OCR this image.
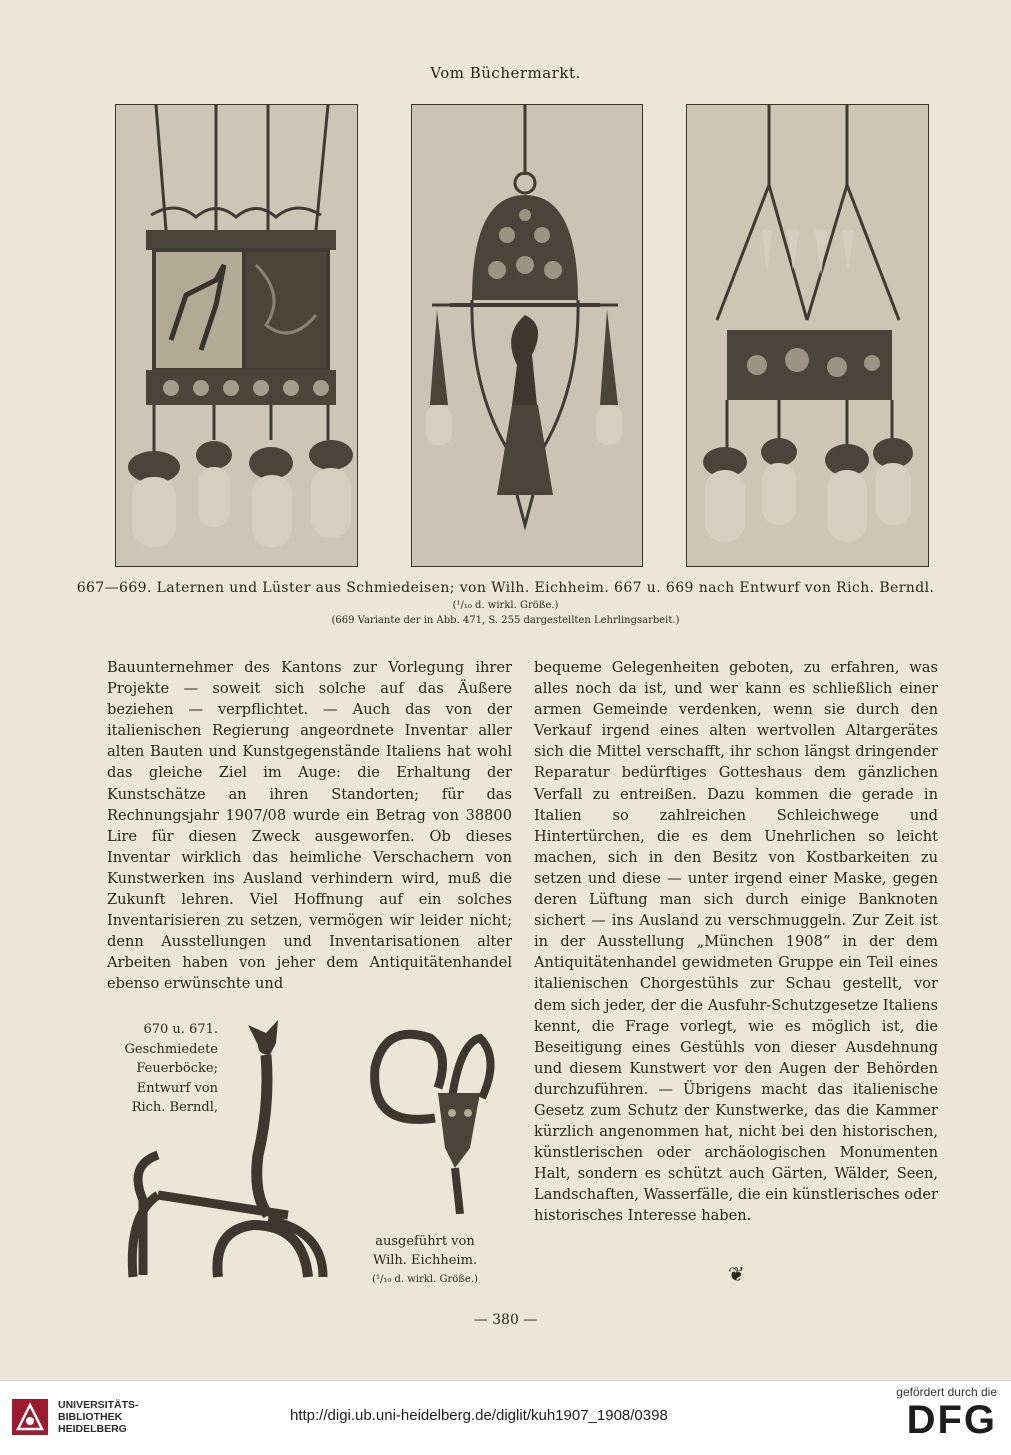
Vom Büchermarkt.
667—669. Laternen und Lüster aus Schmiedeisen; von Wilh. Eichheim. 667 u. 669 nach Entwurf von Rich. Berndl.
(¹/₁₀ d. wirkl. Größe.)
(669 Variante der in Abb. 471, S. 255 dargestellten Lehrlingsarbeit.)

Bauunternehmer des Kantons zur Vorlegung ihrer Projekte — soweit sich solche auf das Äußere beziehen — verpflichtet. — Auch das von der italienischen Regierung angeordnete Inventar aller alten Bauten und Kunstgegenstände Italiens hat wohl das gleiche Ziel im Auge: die Erhaltung der Kunstschätze an ihren Standorten; für das Rechnungsjahr 1907/08 wurde ein Betrag von 38800 Lire für diesen Zweck ausgeworfen. Ob dieses Inventar wirklich das heimliche Verschachern von Kunstwerken ins Ausland verhindern wird, muß die Zukunft lehren. Viel Hoffnung auf ein solches Inventarisieren zu setzen, vermögen wir leider nicht; denn Ausstellungen und Inventarisationen alter Arbeiten haben von jeher dem Antiquitätenhandel ebenso erwünschte und

bequeme Gelegenheiten geboten, zu erfahren, was alles noch da ist, und wer kann es schließlich einer armen Gemeinde verdenken, wenn sie durch den Verkauf irgend eines alten wertvollen Altargerätes sich die Mittel verschafft, ihr schon längst dringender Reparatur bedürftiges Gotteshaus dem gänzlichen Verfall zu entreißen. Dazu kommen die gerade in Italien so zahlreichen Schleichwege und Hintertürchen, die es dem Unehrlichen so leicht machen, sich in den Besitz von Kostbarkeiten zu setzen und diese — unter irgend einer Maske, gegen deren Lüftung man sich durch einige Banknoten sichert — ins Ausland zu verschmuggeln. Zur Zeit ist in der Ausstellung „München 1908“ in der dem Antiquitätenhandel gewidmeten Gruppe ein Teil eines italienischen Chorgestühls zur Schau gestellt, vor dem sich jeder, der die Ausfuhr-Schutzgesetze Italiens kennt, die Frage vorlegt, wie es möglich ist, die Beseitigung eines Gestühls von dieser Ausdehnung und diesem Kunstwert vor den Augen der Behörden durchzuführen. — Übrigens macht das italienische Gesetz zum Schutz der Kunstwerke, das die Kammer kürzlich angenommen hat, nicht bei den historischen, künstlerischen oder archäologischen Monumenten Halt, sondern es schützt auch Gärten, Wälder, Seen, Landschaften, Wasserfälle, die ein künstlerisches oder historisches Interesse haben.

670 u. 671.
Geschmiedete
Feuerböcke;
Entwurf von
Rich. Berndl,
ausgeführt von
Wilh. Eichheim.
(¹/₁₀ d. wirkl. Größe.)	❦
— 380 —
UNIVERSITÄTS-
BIBLIOTHEK
HEIDELBERG
http://digi.ub.uni-heidelberg.de/diglit/kuh1907_1908/0398
gefördert durch die
DFG
